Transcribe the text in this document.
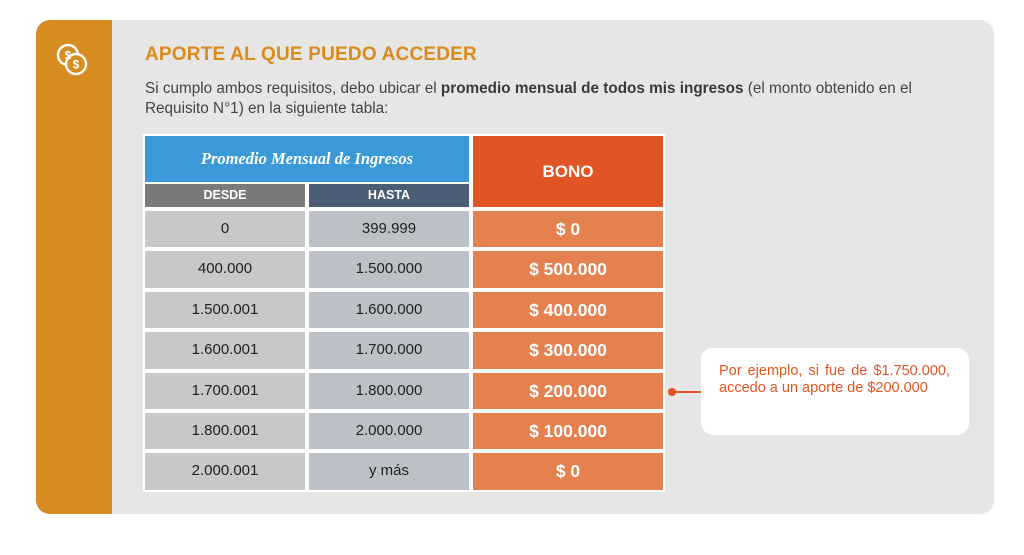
$
$	APORTE AL QUE PUEDO ACCEDER
Si cumplo ambos requisitos, debo ubicar el promedio mensual de todos mis ingresos (el monto obtenido en el Requisito N°1) en la siguiente tabla:
Promedio Mensual de Ingresos
DESDE	HASTA
BONO
0	399.999	$ 0
400.000	1.500.000	$ 500.000
1.500.001	1.600.000	$ 400.000
1.600.001	1.700.000	$ 300.000
1.700.001	1.800.000	$ 200.000
1.800.001	2.000.000	$ 100.000
2.000.001	y más	$ 0

Por ejemplo, si fue de $1.750.000, accedo a un aporte de $200.000
